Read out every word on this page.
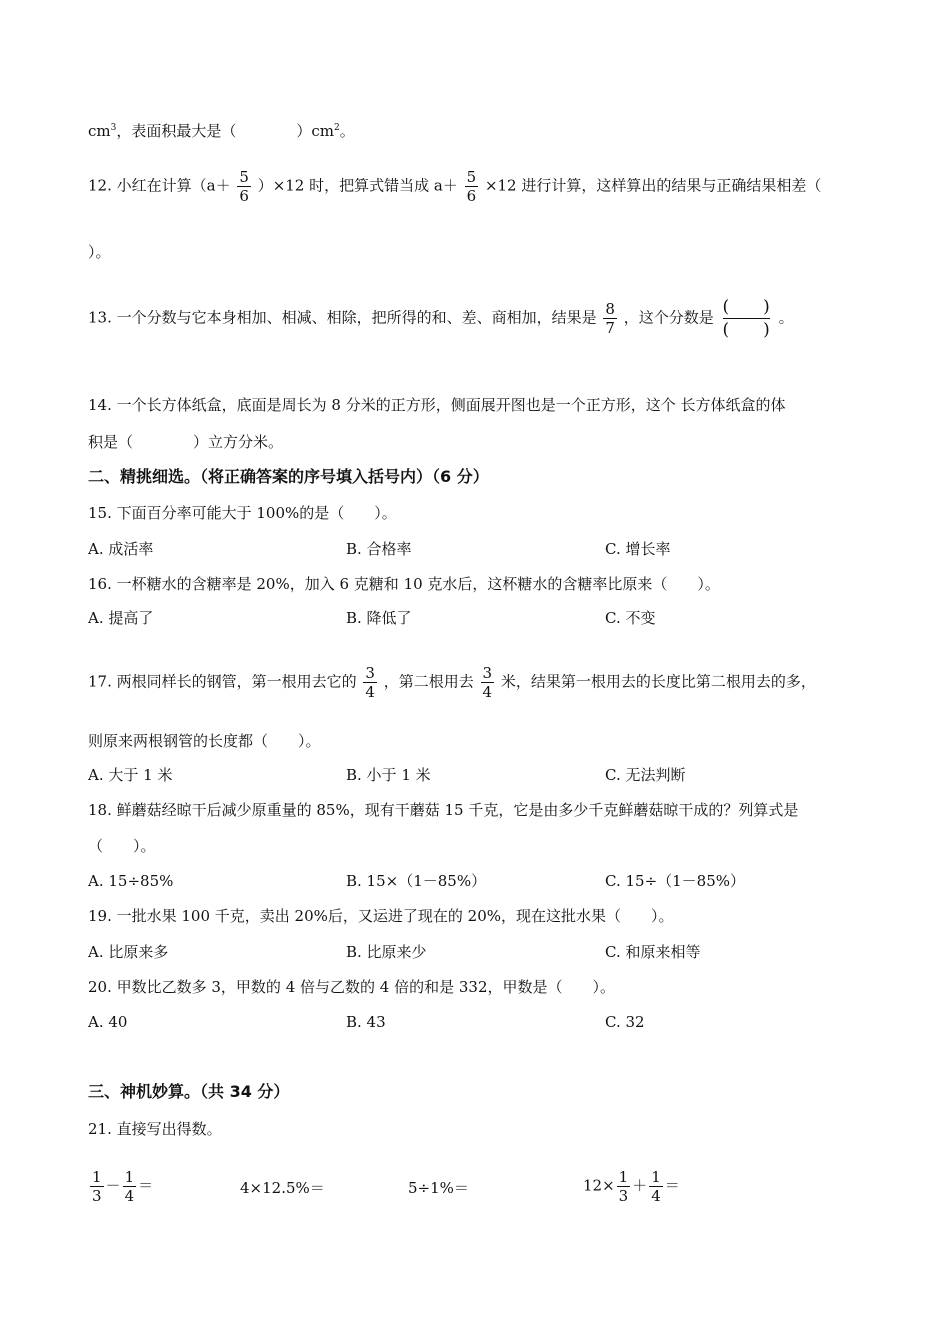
$cm^3$，表面积最大是（　　　　）$cm^2$。
12. 小红在计算$(a+ \frac{5}{6} )\times 12$ 时，把算式错当成 $a+ \frac{5}{6} \times 12$ 进行计算，这样算出的结果与正确结果相差（
）。
13. 一个分数与它本身相加、相减、相除，把所得的和、差、商相加，结果是 $\frac{8}{7}$ ，这个分数是
(　　)
(　　)
。
14. 一个长方体纸盒，底面是周长为 8 分米的正方形，侧面展开图也是一个正方形，这个 长方体纸盒的体
积是（　　　　）立方分米。
二、精挑细选。（将正确答案的序号填入括号内）（6 分）
15. 下面百分率可能大于 100%的是（　　）。
A. 成活率	B. 合格率	C. 增长率
16. 一杯糖水的含糖率是 20%，加入 6 克糖和 10 克水后，这杯糖水的含糖率比原来（　　）。
A. 提高了	B. 降低了	C. 不变
17. 两根同样长的钢管，第一根用去它的 $\frac{3}{4}$ ，第二根用去 $\frac{3}{4}$ 米，结果第一根用去的长度比第二根用去的多，
则原来两根钢管的长度都（　　）。
A. 大于 1 米	B. 小于 1 米	C. 无法判断
18. 鲜蘑菇经晾干后减少原重量的 85%，现有干蘑菇 15 千克，它是由多少千克鲜蘑菇晾干成的？列算式是
（　　）。
A. 15÷85%	B. 15×（1－85%）	C. 15÷（1－85%）
19. 一批水果 100 千克，卖出 20%后，又运进了现在的 20%，现在这批水果（　　）。
A. 比原来多	B. 比原来少	C. 和原来相等
20. 甲数比乙数多 3，甲数的 4 倍与乙数的 4 倍的和是 332，甲数是（　　）。
A. 40	B. 43	C. 32
三、神机妙算。（共 34 分）
21. 直接写出得数。
$\frac{1}{3} - \frac{1}{4}$ ＝	4×12.5%＝	5÷1%＝	$12\times \frac{1}{3} + \frac{1}{4}$ ＝
